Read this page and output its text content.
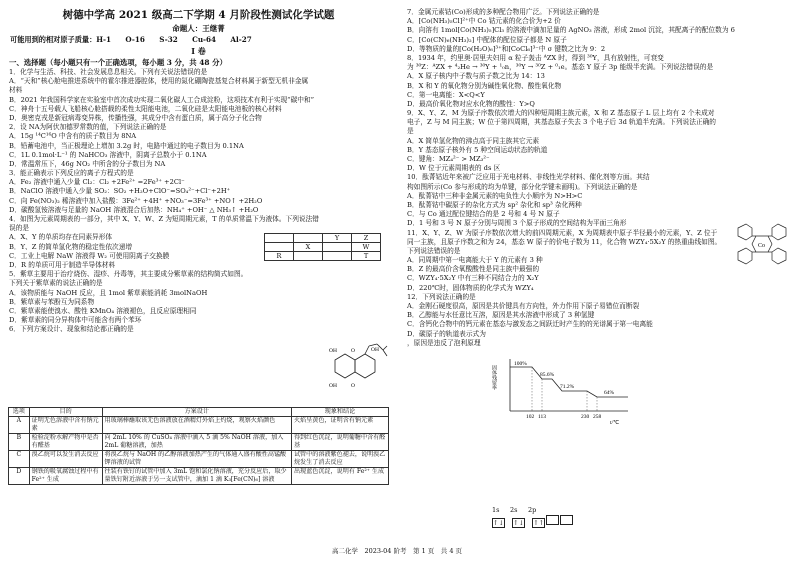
树德中学高 2021 级高二下学期 4 月阶段性测试化学试题
命题人：王继菁
可能用到的相对原子质量：H-1　　O-16　　S-32　　Cu-64　　Al-27
I 卷
一、选择题（每小题只有一个正确选项，每小题 3 分，共 48 分）
1．化学与生活、科技、社会发展息息相关。下列有关说法错误的是
A．“天和”核心舱电推进系统中的霍尔推进器腔体，使用的氮化硼陶瓷基复合材料属于新型无机非金属
材料
B．2021 年我国科学家在实验室中首次成功实现二氧化碳人工合成淀粉，这项技术有利于实现“碳中和”
C．神舟十五号载人飞船核心舱搭载的柔性太阳能电池，二氧化硅是太阳能电池板的核心材料
D．奥密克戎是新冠病毒变异株，传播性强，其成分中含有蛋白质，属于高分子化合物
2．设 NA为阿伏加德罗常数的值，下列说法正确的是
A．15g ¹⁴C¹⁶O 中含有的质子数目为 8NA
B．铅蓄电池中，当正极理论上增加 3.2g 时，电路中通过的电子数目为 0.1NA
C．1L 0.1mol·L⁻¹ 的 NaHCO₃ 溶液中，阴离子总数小于 0.1NA
D．常温常压下，46g NO₂ 中所含的分子数目为 NA
3．能正确表示下列反应的离子方程式的是
A．Fe₂ 溶液中通入少量 Cl₂：Cl₂ +2Fe²⁺ =2Fe³⁺ +2Cl⁻
B．NaClO 溶液中通入少量 SO₂：SO₂ +H₂O+ClO⁻=SO₄²⁻+Cl⁻+2H⁺
C．向 Fe(NO₃)₂ 稀溶液中加入盐酸：3Fe²⁺ +4H⁺ +NO₃⁻=3Fe³⁺ +NO↑ +2H₂O
D．碳酸氢铵溶液与足量的 NaOH 溶液混合后加热：NH₄⁺ +OH⁻ △ NH₃↑ +H₂O
4．如图为元素周期表的一部分，其中 X、Y、W、Z 为短周期元素，T 的单质常温下为液体。下列说法错
误的是
A．X、Y 的单质均存在同素异形体
B．Y、Z 的简单氢化物的稳定性依次递增
C．工业上电解 NaW 溶液得 W₂ 可使用阴离子交换膜
D．R 的单质可用于制造半导体材料
5．紫草主要用于治疗烧伤、湿疹、丹毒等，其主要成分紫草素的结构简式如图。
下列关于紫草素的说法正确的是
A．该物质能与 NaOH 反应，且 1mol 紫草素能消耗 3molNaOH
B．紫草素与苯酚互为同系物
C．紫草素能使溴水、酸性 KMnO₄ 溶液褪色，且反应原理相同
D．紫草素的同分异构体中可能含有两个苯环
6．下列方案设计、现象和结论都正确的是
		Y	Z
	X		W
R			T
OH	O
OH	O
OH
选项	目的	方案设计	现象和结论
A	证明无色溶液中含有钠元素	用玻璃棒蘸取该无色溶液放在酒精灯外焰上灼烧，观察火焰颜色	火焰呈黄色，证明含有钠元素
B	检验淀粉水解产物中是否有醛基	向 2mL 10% 的 CuSO₄ 溶液中滴入 5 滴 5% NaOH 溶液，加入 2mL 葡糖溶液，加热	得到红色沉淀，说明葡糖中含有醛基
C	溴乙烷可以发生消去反应	将溴乙烷与 NaOH 的乙醇溶液加热产生的气体通入盛有酸性高锰酸钾溶液的试管	试管中的溶液紫色褪去，说明溴乙烷发生了消去反应
D	钢铁的吸氧腐蚀过程中有 Fe²⁺ 生成	往装有铁钉的试管中加入 3mL 饱和氯化钠溶液，充分反应后，取少量铁钉附近溶液于另一支试管中，滴加 1 滴 K₃[Fe(CN)₆] 溶液	出现蓝色沉淀，说明有 Fe²⁺ 生成
7．金属元素钴(Co)形成的多种配合物用广泛。下列说法正确的是
A．[Co(NH₃)₅Cl]²⁺中 Co 钴元素的化合价为+2 价
B．向溶有 1mol[Co(NH₃)₅]Cl₃ 的溶液中滴加足量的 AgNO₃ 溶液，形成 2mol 沉淀，其配离子的配位数为 6
C．[Co(CN)₆(NH₃)₂] 中配体的配位原子都是 N 原子
D．等物质的量的[Co(H₂O)₆]³⁺和[CoCl₆]³⁻中 σ 键数之比为 9：2
8．1934 年，约里奥·居里夫妇用 α 粒子轰击 ᴬZX 时，得到 ³⁰Y，具有放射性，可衰变
为 ³⁰Z：ᴬZX + ⁴₂He → ³⁰Y + ¹₀n，³⁰Y → ³⁰Z + ⁰₁e。基态 Y 原子 3p 能级半充满。下列说法错误的是
A．X 原子核内中子数与质子数之比为 14：13
B．X 和 Y 的氧化物分别为碱性氧化物、酸性氧化物
C．第一电离能：X<Q<Y
D．最高价氧化物对应水化物的酸性：Y>Q
9．X、Y、Z、M 为原子序数依次增大的四种短周期主族元素，X 和 Z 基态原子 L 层上均有 2 个未成对
电子，Z 与 M 同主族；W 位于第四周期，其基态原子失去 3 个电子后 3d 轨道半充满。下列说法正确的
是
A．X 简单氢化物的沸点高于同主族其它元素
B．Y 基态原子核外有 5 种空间运动状态的轨道
C．键角：MZ₄²⁻ > MZ₃²⁻
D．W 位于元素周期表的 ds 区
10．酞菁钴近年来被广泛应用于光电材料、非线性光学材料、催化剂等方面。其结
构如图所示(Co 参与形成的均为单键，部分化学键未画明)。下列说法正确的是
A．酞菁钴中三种非金属元素的电负性大小顺序为 N>H>C
B．酞菁钴中碳原子的杂化方式为 sp² 杂化和 sp³ 杂化两种
C．与 Co 通过配位键结合的是 2 号和 4 号 N 原子
D．1 号和 3 号 N 原子分别与周围 3 个原子形成的空间结构为平面三角形
11．X、Y、Z、W 为原子序数依次增大的前四周期元素，X 为周期表中原子半径最小的元素，Y、Z 位于
同一主族，且原子序数之和为 24，基态 W 原子的价电子数为 11，化合物 WZY₄·5X₂Y 的热重曲线如图。
下列说法错误的是
A．同周期中第一电离能大于 Y 的元素有 3 种
B．Z 的最高价含氧酸酸性是同主族中最强的
C．WZY₄·5X₂Y 中有三种不同结合力的 X₂Y
D．220℃时，固体物质的化学式为 WZY₄
12．下列说法正确的是
A．金刚石硬度很高，原因是共价键具有方向性，外力作用下原子易错位而断裂
B．乙醇能与水任意比互溶，原因是其水溶液中形成了 3 种氢键
C．含钙化合物中的钙元素在基态与激发态之间跃迁时产生的的光谱属于第一电离能
D．碳原子的轨道表示式为
，原因是违反了泡利原理
Co
固体残留率
100%
85.6%
71.2%
64%
102 113	230 258
t/℃
1s	2s	2p
↑↓ ↑↓ ↑↑
高二化学　2023-04 阶考　第 1 页　共 4 页
